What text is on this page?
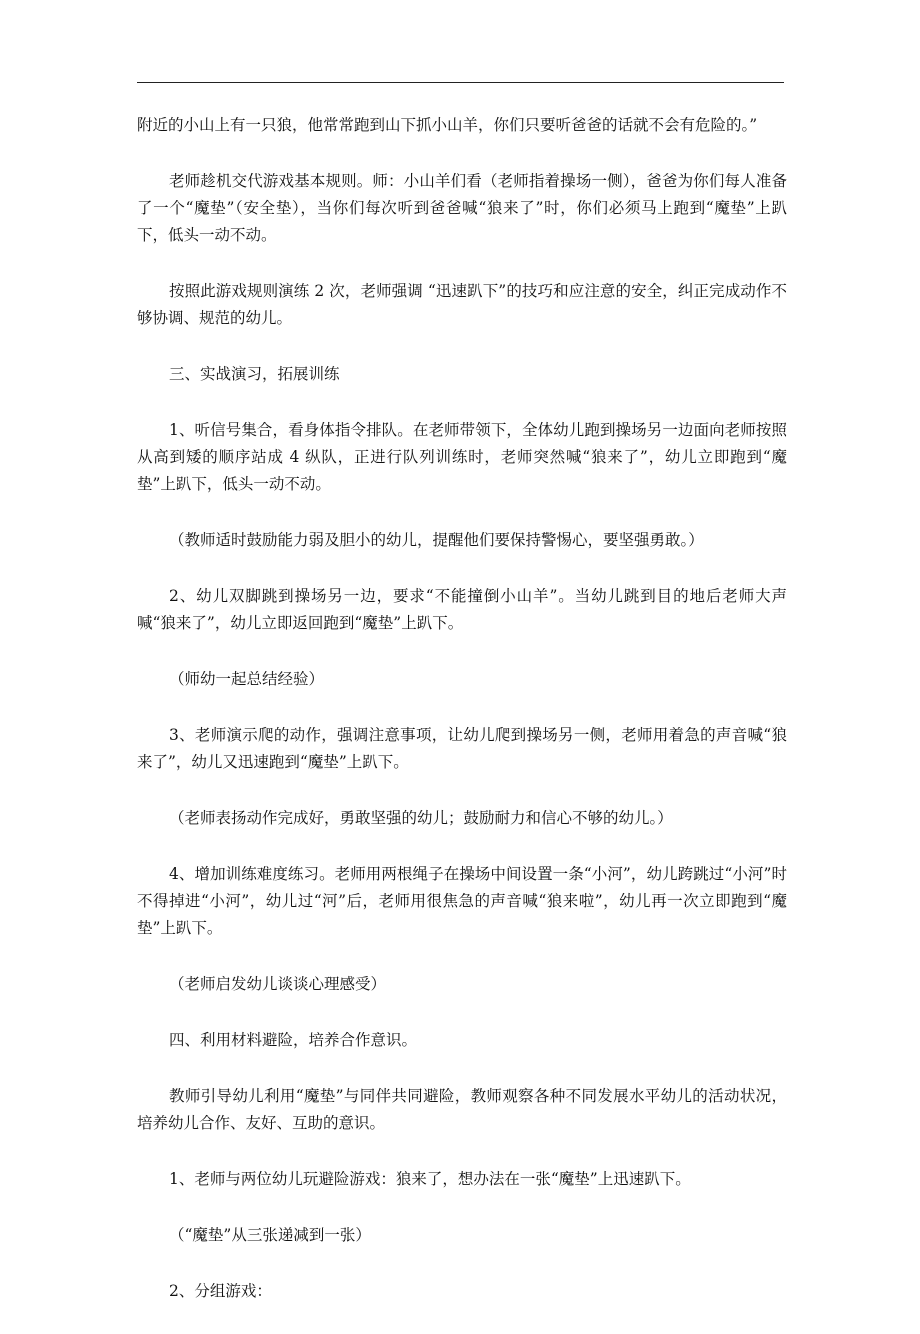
附近的小山上有一只狼，他常常跑到山下抓小山羊，你们只要听爸爸的话就不会有危险的。”

老师趁机交代游戏基本规则。师：小山羊们看（老师指着操场一侧），爸爸为你们每人准备了一个“魔垫”（安全垫），当你们每次听到爸爸喊“狼来了”时，你们必须马上跑到“魔垫”上趴下，低头一动不动。

按照此游戏规则演练 2 次，老师强调 “迅速趴下”的技巧和应注意的安全，纠正完成动作不够协调、规范的幼儿。

三、实战演习，拓展训练

1、听信号集合，看身体指令排队。在老师带领下，全体幼儿跑到操场另一边面向老师按照从高到矮的顺序站成 4 纵队，正进行队列训练时，老师突然喊“狼来了”，幼儿立即跑到“魔垫”上趴下，低头一动不动。

（教师适时鼓励能力弱及胆小的幼儿，提醒他们要保持警惕心，要坚强勇敢。）

2、幼儿双脚跳到操场另一边，要求“不能撞倒小山羊”。当幼儿跳到目的地后老师大声喊“狼来了”，幼儿立即返回跑到“魔垫”上趴下。

（师幼一起总结经验）

3、老师演示爬的动作，强调注意事项，让幼儿爬到操场另一侧，老师用着急的声音喊“狼来了”，幼儿又迅速跑到“魔垫”上趴下。

（老师表扬动作完成好，勇敢坚强的幼儿；鼓励耐力和信心不够的幼儿。）

4、增加训练难度练习。老师用两根绳子在操场中间设置一条“小河”，幼儿跨跳过“小河”时不得掉进“小河”，幼儿过“河”后，老师用很焦急的声音喊“狼来啦”，幼儿再一次立即跑到“魔垫”上趴下。

（老师启发幼儿谈谈心理感受）

四、利用材料避险，培养合作意识。

教师引导幼儿利用“魔垫”与同伴共同避险，教师观察各种不同发展水平幼儿的活动状况，培养幼儿合作、友好、互助的意识。

1、老师与两位幼儿玩避险游戏：狼来了，想办法在一张“魔垫”上迅速趴下。

（“魔垫”从三张递减到一张）

2、分组游戏：
